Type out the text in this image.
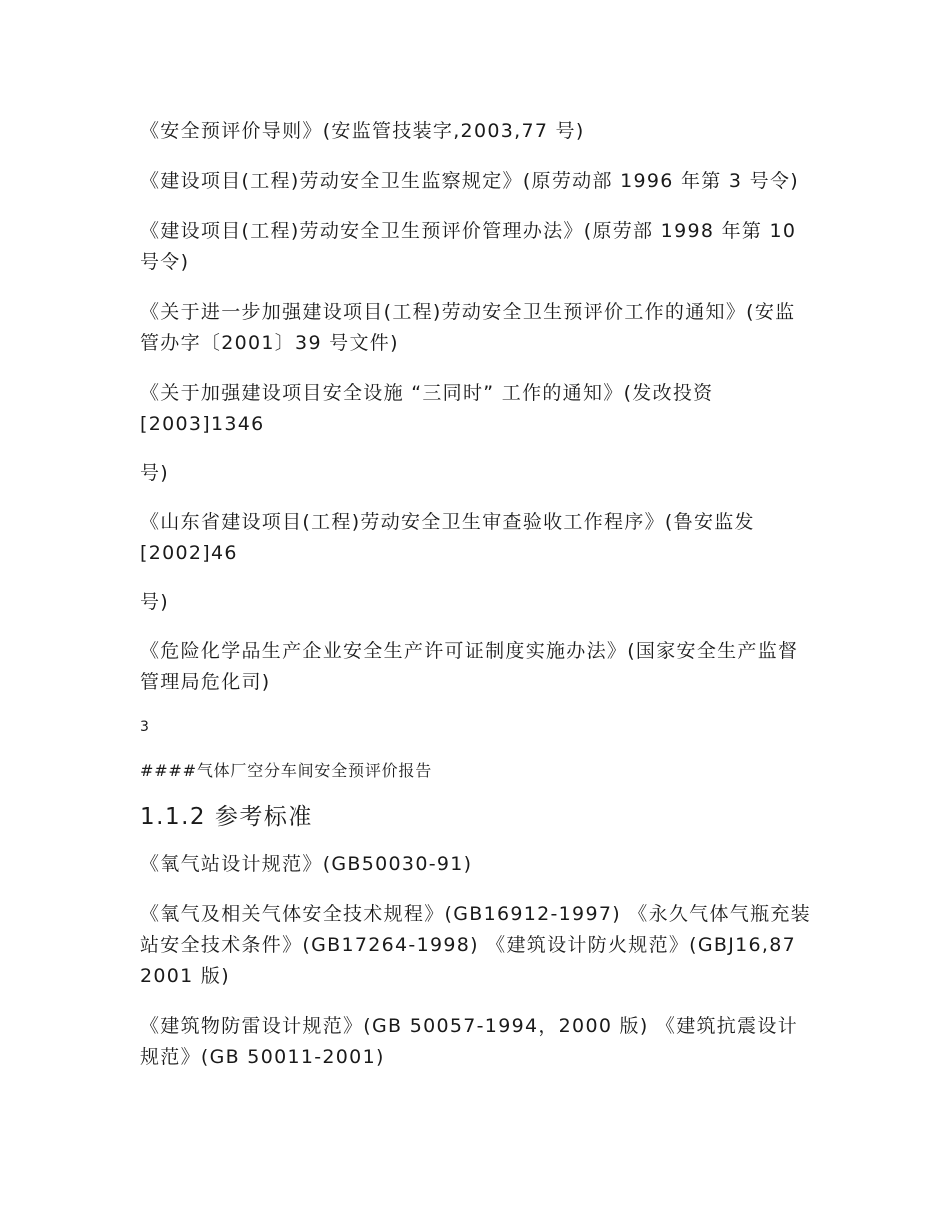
《安全预评价导则》(安监管技装字,2003,77 号)

《建设项目(工程)劳动安全卫生监察规定》(原劳动部 1996 年第 3 号令)

《建设项目(工程)劳动安全卫生预评价管理办法》(原劳部 1998 年第 10 号令)

《关于进一步加强建设项目(工程)劳动安全卫生预评价工作的通知》(安监管办字〔2001〕39 号文件)

《关于加强建设项目安全设施 “三同时” 工作的通知》(发改投资
[2003]1346

号)

《山东省建设项目(工程)劳动安全卫生审查验收工作程序》(鲁安监发
[2002]46

号)

《危险化学品生产企业安全生产许可证制度实施办法》(国家安全生产监督管理局危化司)

3
####气体厂空分车间安全预评价报告
1.1.2 参考标准

《氧气站设计规范》(GB50030-91)

《氧气及相关气体安全技术规程》(GB16912-1997) 《永久气体气瓶充装站安全技术条件》(GB17264-1998) 《建筑设计防火规范》(GBJ16,87 2001 版)

《建筑物防雷设计规范》(GB 50057-1994，2000 版) 《建筑抗震设计规范》(GB 50011-2001)
